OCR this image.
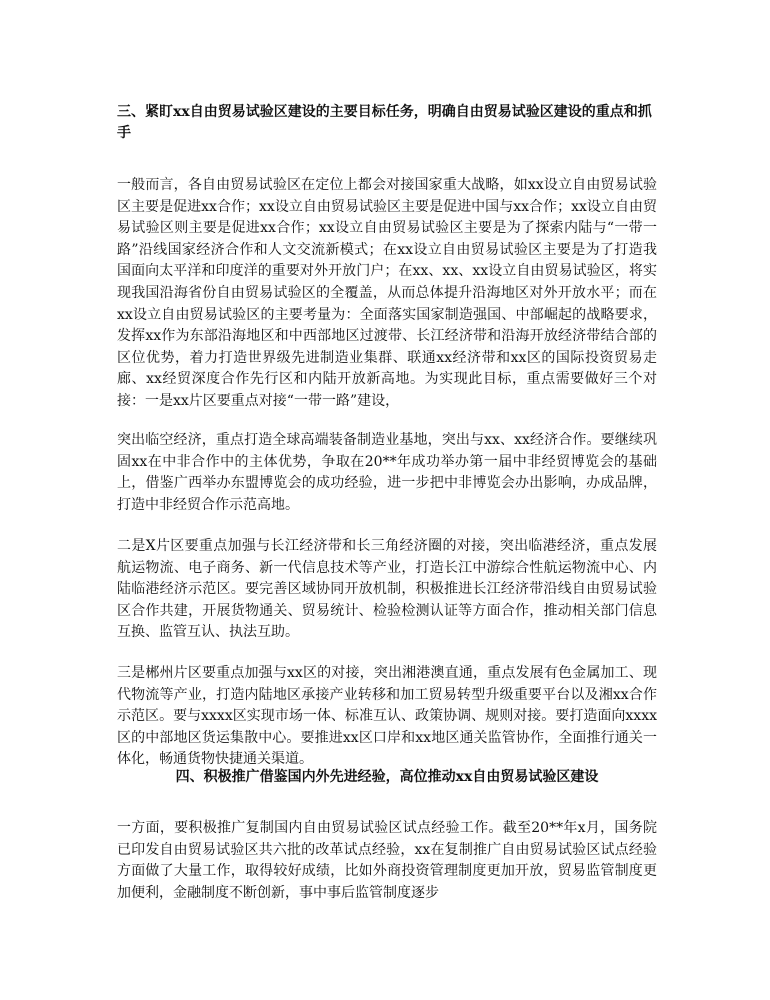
三、紧盯xx自由贸易试验区建设的主要目标任务，明确自由贸易试验区建设的重点和抓手

一般而言，各自由贸易试验区在定位上都会对接国家重大战略，如xx设立自由贸易试验区主要是促进xx合作；xx设立自由贸易试验区主要是促进中国与xx合作；xx设立自由贸易试验区则主要是促进xx合作；xx设立自由贸易试验区主要是为了探索内陆与“一带一路”沿线国家经济合作和人文交流新模式；在xx设立自由贸易试验区主要是为了打造我国面向太平洋和印度洋的重要对外开放门户；在xx、xx、xx设立自由贸易试验区，将实现我国沿海省份自由贸易试验区的全覆盖，从而总体提升沿海地区对外开放水平；而在xx设立自由贸易试验区的主要考量为：全面落实国家制造强国、中部崛起的战略要求，发挥xx作为东部沿海地区和中西部地区过渡带、长江经济带和沿海开放经济带结合部的区位优势，着力打造世界级先进制造业集群、联通xx经济带和xx区的国际投资贸易走廊、xx经贸深度合作先行区和内陆开放新高地。为实现此目标，重点需要做好三个对接：一是xx片区要重点对接“一带一路”建设，

突出临空经济，重点打造全球高端装备制造业基地，突出与xx、xx经济合作。要继续巩固xx在中非合作中的主体优势，争取在20**年成功举办第一届中非经贸博览会的基础上，借鉴广西举办东盟博览会的成功经验，进一步把中非博览会办出影响，办成品牌，打造中非经贸合作示范高地。

二是X片区要重点加强与长江经济带和长三角经济圈的对接，突出临港经济，重点发展航运物流、电子商务、新一代信息技术等产业，打造长江中游综合性航运物流中心、内陆临港经济示范区。要完善区域协同开放机制，积极推进长江经济带沿线自由贸易试验区合作共建，开展货物通关、贸易统计、检验检测认证等方面合作，推动相关部门信息互换、监管互认、执法互助。

三是郴州片区要重点加强与xx区的对接，突出湘港澳直通，重点发展有色金属加工、现代物流等产业，打造内陆地区承接产业转移和加工贸易转型升级重要平台以及湘xx合作示范区。要与xxxx区实现市场一体、标准互认、政策协调、规则对接。要打造面向xxxx区的中部地区货运集散中心。要推进xx区口岸和xx地区通关监管协作，全面推行通关一体化，畅通货物快捷通关渠道。

四、积极推广借鉴国内外先进经验，高位推动xx自由贸易试验区建设

一方面，要积极推广复制国内自由贸易试验区试点经验工作。截至20**年x月，国务院已印发自由贸易试验区共六批的改革试点经验，xx在复制推广自由贸易试验区试点经验方面做了大量工作，取得较好成绩，比如外商投资管理制度更加开放，贸易监管制度更加便利，金融制度不断创新，事中事后监管制度逐步
